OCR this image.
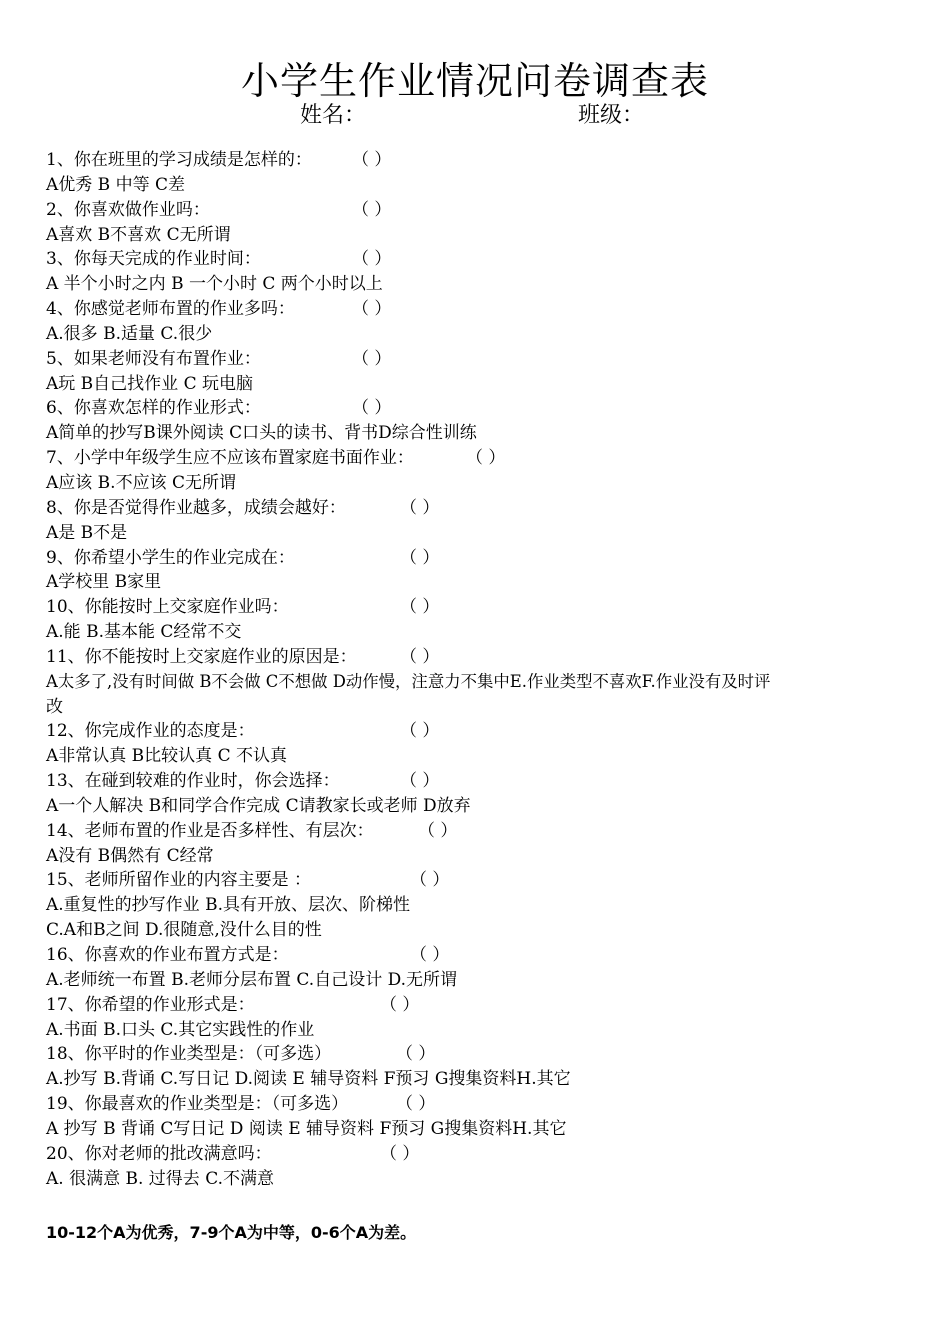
小学生作业情况问卷调查表
姓名：	班级：
1、你在班里的学习成绩是怎样的： （ ）
A优秀 B 中等 C差
2、你喜欢做作业吗：	（ ）
A喜欢 B不喜欢 C无所谓
3、你每天完成的作业时间：	（ ）
A 半个小时之内 B 一个小时 C 两个小时以上
4、你感觉老师布置的作业多吗：	（ ）
A.很多 B.适量 C.很少
5、如果老师没有布置作业：	（ ）
A玩 B自己找作业 C 玩电脑
6、你喜欢怎样的作业形式：	（ ）
A简单的抄写B课外阅读 C口头的读书、背书D综合性训练
7、小学中年级学生应不应该布置家庭书面作业：	（ ）
A应该 B.不应该 C无所谓
8、你是否觉得作业越多，成绩会越好：	（ ）
A是 B不是
9、你希望小学生的作业完成在：	（ ）
A学校里 B家里
10、你能按时上交家庭作业吗：	（ ）
A.能 B.基本能 C经常不交
11、你不能按时上交家庭作业的原因是：	（ ）
A太多了,没有时间做 B不会做 C不想做 D动作慢，注意力不集中E.作业类型不喜欢F.作业没有及时评
改
12、你完成作业的态度是：	（ ）
A非常认真 B比较认真 C 不认真
13、在碰到较难的作业时，你会选择：	（ ）
A一个人解决 B和同学合作完成 C请教家长或老师 D放弃
14、老师布置的作业是否多样性、有层次：	（ ）
A没有 B偶然有 C经常
15、老师所留作业的内容主要是 ：	（ ）
A.重复性的抄写作业 B.具有开放、层次、阶梯性
C.A和B之间 D.很随意,没什么目的性
16、你喜欢的作业布置方式是：	（ ）
A.老师统一布置 B.老师分层布置 C.自己设计 D.无所谓
17、你希望的作业形式是：	（ ）
A.书面 B.口头 C.其它实践性的作业
18、你平时的作业类型是：（可多选）	（ ）
A.抄写 B.背诵 C.写日记 D.阅读 E 辅导资料 F预习 G搜集资料H.其它
19、你最喜欢的作业类型是：（可多选）	（ ）
A 抄写 B 背诵 C写日记 D 阅读 E 辅导资料 F预习 G搜集资料H.其它
20、你对老师的批改满意吗：	（ ）
A. 很满意 B. 过得去 C.不满意
10-12个A为优秀，7-9个A为中等，0-6个A为差。
